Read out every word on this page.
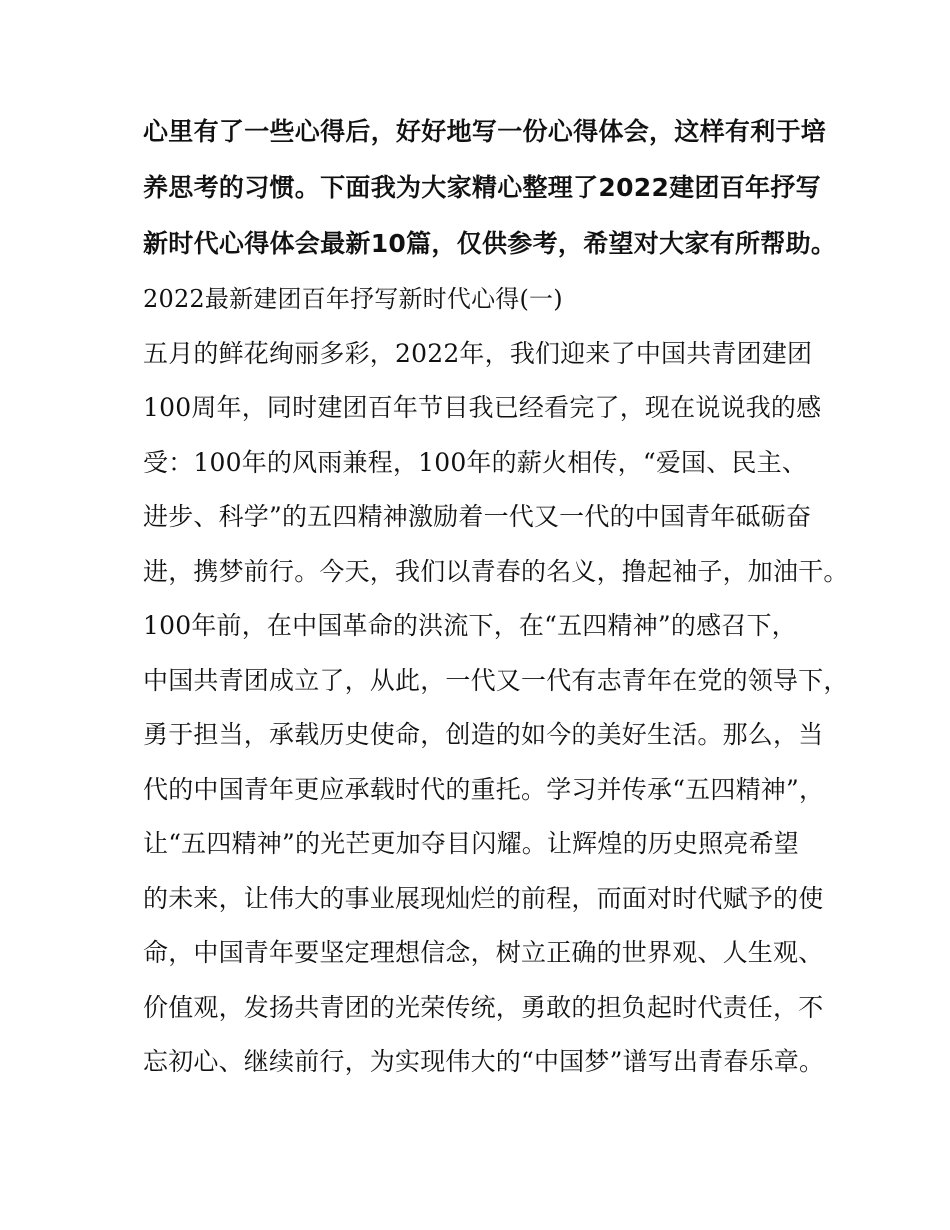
心里有了一些心得后，好好地写一份心得体会，这样有利于培
养思考的习惯。下面我为大家精心整理了2022建团百年抒写
新时代心得体会最新10篇，仅供参考，希望对大家有所帮助。
2022最新建团百年抒写新时代心得(一)
五月的鲜花绚丽多彩，2022年，我们迎来了中国共青团建团
100周年，同时建团百年节目我已经看完了，现在说说我的感
受：100年的风雨兼程，100年的薪火相传，“爱国、民主、
进步、科学”的五四精神激励着一代又一代的中国青年砥砺奋
进，携梦前行。今天，我们以青春的名义，撸起袖子，加油干。
100年前，在中国革命的洪流下，在“五四精神”的感召下，
中国共青团成立了，从此，一代又一代有志青年在党的领导下，
勇于担当，承载历史使命，创造的如今的美好生活。那么，当
代的中国青年更应承载时代的重托。学习并传承“五四精神”，
让“五四精神”的光芒更加夺目闪耀。让辉煌的历史照亮希望
的未来，让伟大的事业展现灿烂的前程，而面对时代赋予的使
命，中国青年要坚定理想信念，树立正确的世界观、人生观、
价值观，发扬共青团的光荣传统，勇敢的担负起时代责任，不
忘初心、继续前行，为实现伟大的“中国梦”谱写出青春乐章。
